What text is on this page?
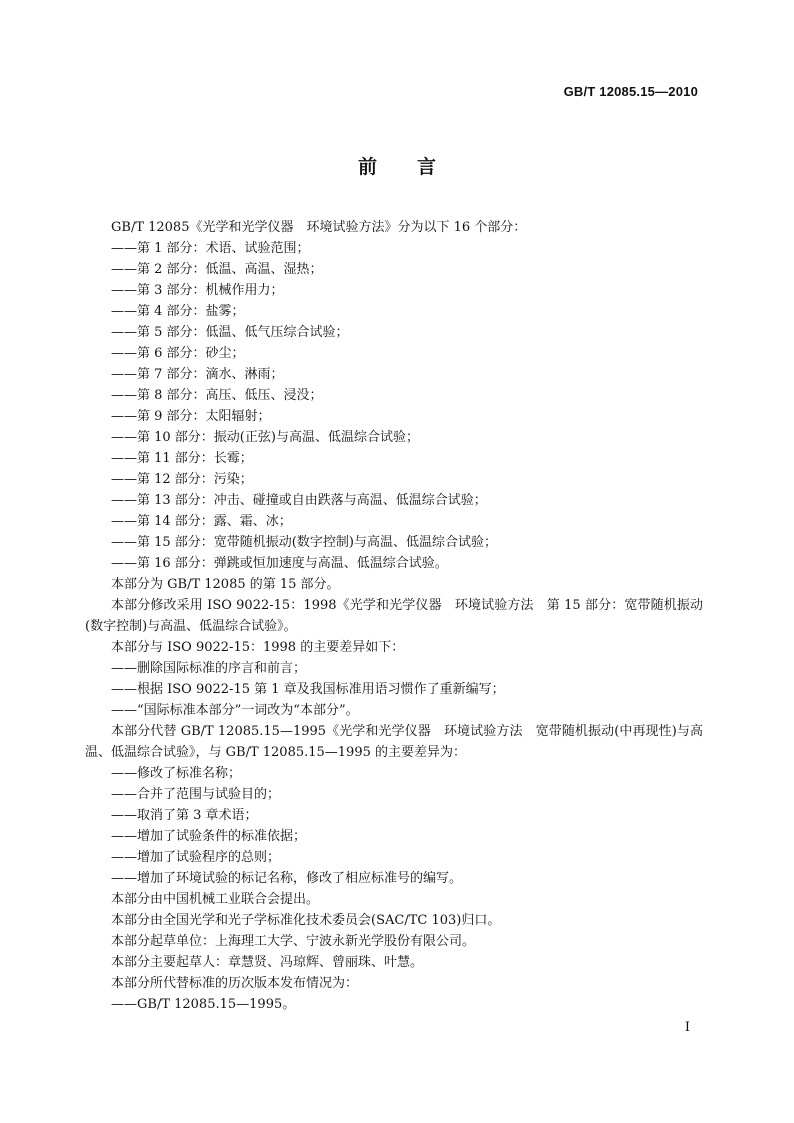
GB/T 12085.15—2010
前言

GB/T 12085《光学和光学仪器　环境试验方法》分为以下 16 个部分：

——第 1 部分：术语、试验范围；

——第 2 部分：低温、高温、湿热；

——第 3 部分：机械作用力；

——第 4 部分：盐雾；

——第 5 部分：低温、低气压综合试验；

——第 6 部分：砂尘；

——第 7 部分：滴水、淋雨；

——第 8 部分：高压、低压、浸没；

——第 9 部分：太阳辐射；

——第 10 部分：振动(正弦)与高温、低温综合试验；

——第 11 部分：长霉；

——第 12 部分：污染；

——第 13 部分：冲击、碰撞或自由跌落与高温、低温综合试验；

——第 14 部分：露、霜、冰；

——第 15 部分：宽带随机振动(数字控制)与高温、低温综合试验；

——第 16 部分：弹跳或恒加速度与高温、低温综合试验。

本部分为 GB/T 12085 的第 15 部分。

本部分修改采用 ISO 9022-15：1998《光学和光学仪器　环境试验方法　第 15 部分：宽带随机振动(数字控制)与高温、低温综合试验》。

本部分与 ISO 9022-15：1998 的主要差异如下：

——删除国际标准的序言和前言；

——根据 ISO 9022-15 第 1 章及我国标准用语习惯作了重新编写；

——“国际标准本部分”一词改为“本部分”。

本部分代替 GB/T 12085.15—1995《光学和光学仪器　环境试验方法　宽带随机振动(中再现性)与高温、低温综合试验》，与 GB/T 12085.15—1995 的主要差异为：

——修改了标准名称；

——合并了范围与试验目的；

——取消了第 3 章术语；

——增加了试验条件的标准依据；

——增加了试验程序的总则；

——增加了环境试验的标记名称，修改了相应标准号的编写。

本部分由中国机械工业联合会提出。

本部分由全国光学和光子学标准化技术委员会(SAC/TC 103)归口。

本部分起草单位：上海理工大学、宁波永新光学股份有限公司。

本部分主要起草人：章慧贤、冯琼辉、曾丽珠、叶慧。

本部分所代替标准的历次版本发布情况为：

——GB/T 12085.15—1995。

I
